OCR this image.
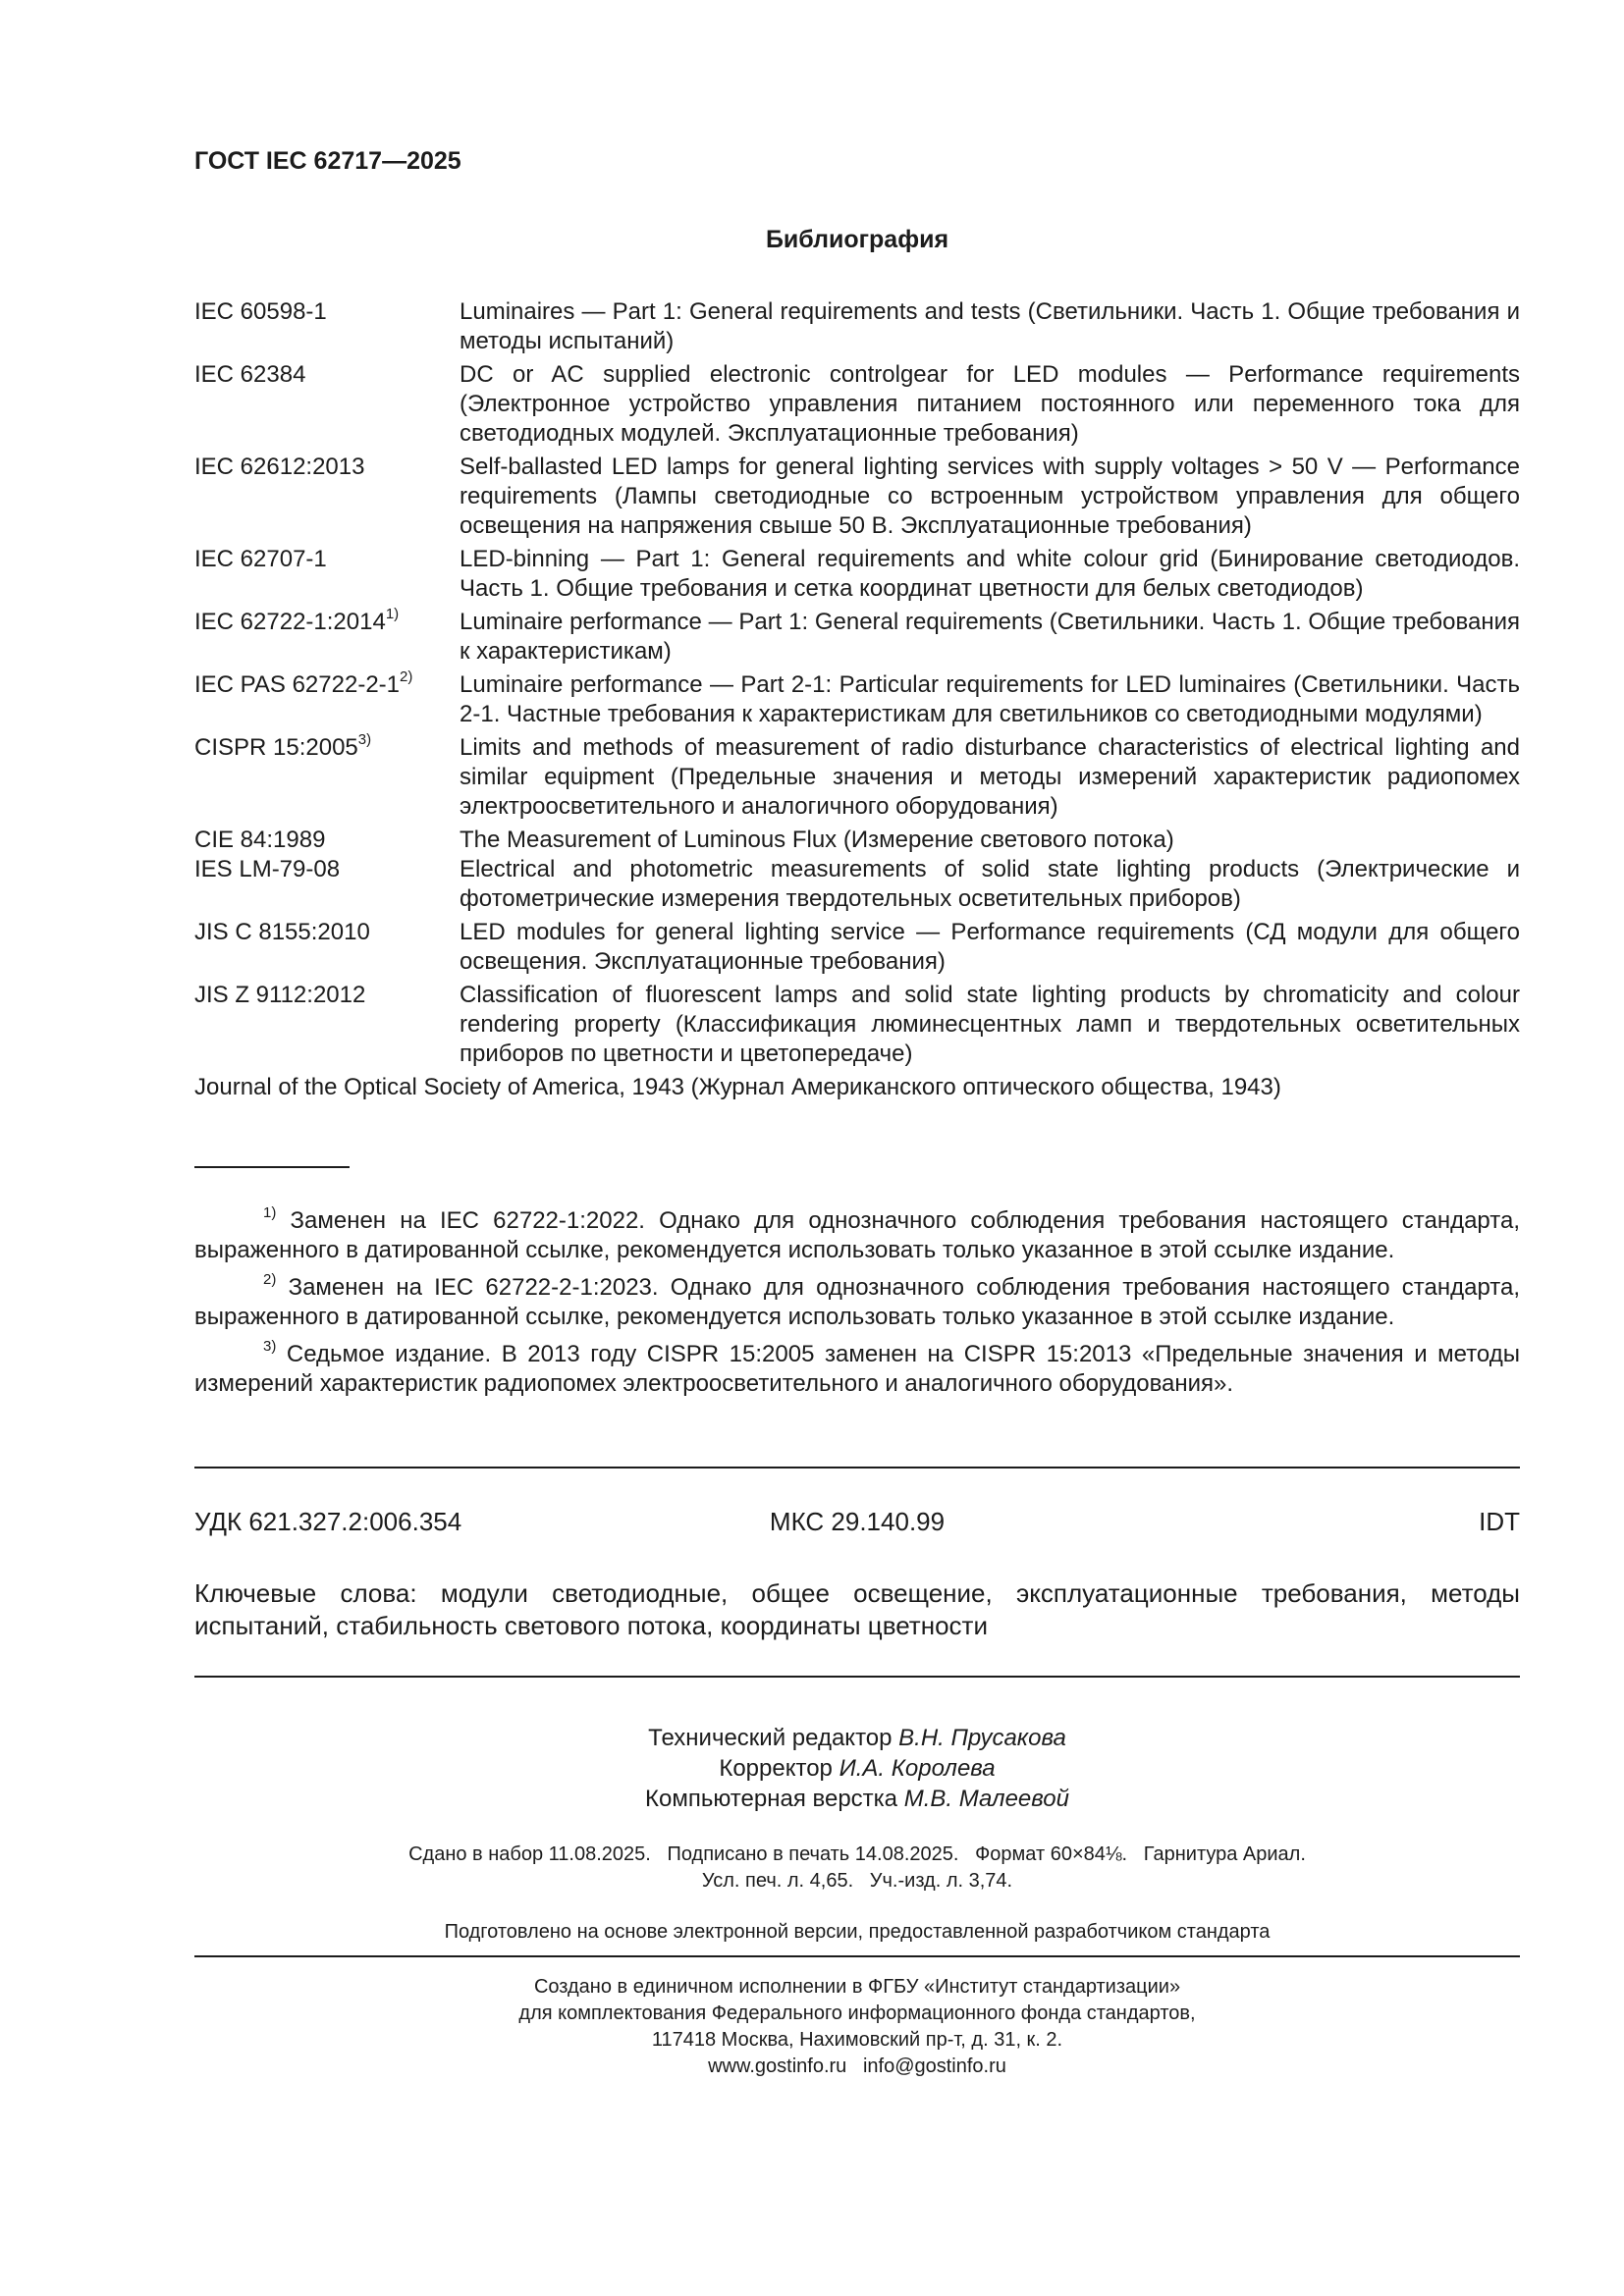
ГОСТ IEC 62717—2025
Библиография
IEC 60598-1	Luminaires — Part 1: General requirements and tests (Светильники. Часть 1. Общие требования и методы испытаний)
IEC 62384	DC or AC supplied electronic controlgear for LED modules — Performance requirements (Электронное устройство управления питанием постоянного или переменного тока для светодиодных модулей. Эксплуатационные требования)
IEC 62612:2013	Self-ballasted LED lamps for general lighting services with supply voltages > 50 V — Performance requirements (Лампы светодиодные со встроенным устройством управления для общего освещения на напряжения свыше 50 В. Эксплуатационные требования)
IEC 62707-1	LED-binning — Part 1: General requirements and white colour grid (Бинирование светодиодов. Часть 1. Общие требования и сетка координат цветности для белых светодиодов)
IEC 62722-1:2014$^{1)}$	Luminaire performance — Part 1: General requirements (Светильники. Часть 1. Общие требования к характеристикам)
IEC PAS 62722-2-1$^{2)}$	Luminaire performance — Part 2-1: Particular requirements for LED luminaires (Светильники. Часть 2-1. Частные требования к характеристикам для светильников со светодиодными модулями)
CISPR 15:2005$^{3)}$	Limits and methods of measurement of radio disturbance characteristics of electrical lighting and similar equipment (Предельные значения и методы измерений характеристик радиопомех электроосветительного и аналогичного оборудования)
CIE 84:1989	The Measurement of Luminous Flux (Измерение светового потока)
IES LM-79-08	Electrical and photometric measurements of solid state lighting products (Электрические и фотометрические измерения твердотельных осветительных приборов)
JIS C 8155:2010	LED modules for general lighting service — Performance requirements (СД модули для общего освещения. Эксплуатационные требования)
JIS Z 9112:2012	Classification of fluorescent lamps and solid state lighting products by chromaticity and colour rendering property (Классификация люминесцентных ламп и твердотельных осветительных приборов по цветности и цветопередаче)
Journal of the Optical Society of America, 1943 (Журнал Американского оптического общества, 1943)
$^{1)}$ Заменен на IEC 62722-1:2022. Однако для однозначного соблюдения требования настоящего стандарта, выраженного в датированной ссылке, рекомендуется использовать только указанное в этой ссылке издание.
$^{2)}$ Заменен на IEC 62722-2-1:2023. Однако для однозначного соблюдения требования настоящего стандарта, выраженного в датированной ссылке, рекомендуется использовать только указанное в этой ссылке издание.
$^{3)}$ Седьмое издание. В 2013 году CISPR 15:2005 заменен на CISPR 15:2013 «Предельные значения и методы измерений характеристик радиопомех электроосветительного и аналогичного оборудования».
УДК 621.327.2:006.354	МКС 29.140.99	IDT
Ключевые слова: модули светодиодные, общее освещение, эксплуатационные требования, методы испытаний, стабильность светового потока, координаты цветности
Технический редактор В.Н. Прусакова
Корректор И.А. Королева
Компьютерная верстка М.В. Малеевой
Сдано в набор 11.08.2025.   Подписано в печать 14.08.2025.   Формат 60×84⅛.   Гарнитура Ариал.
Усл. печ. л. 4,65.   Уч.-изд. л. 3,74.
Подготовлено на основе электронной версии, предоставленной разработчиком стандарта
Создано в единичном исполнении в ФГБУ «Институт стандартизации»
для комплектования Федерального информационного фонда стандартов,
117418 Москва, Нахимовский пр-т, д. 31, к. 2.
www.gostinfo.ru   info@gostinfo.ru
